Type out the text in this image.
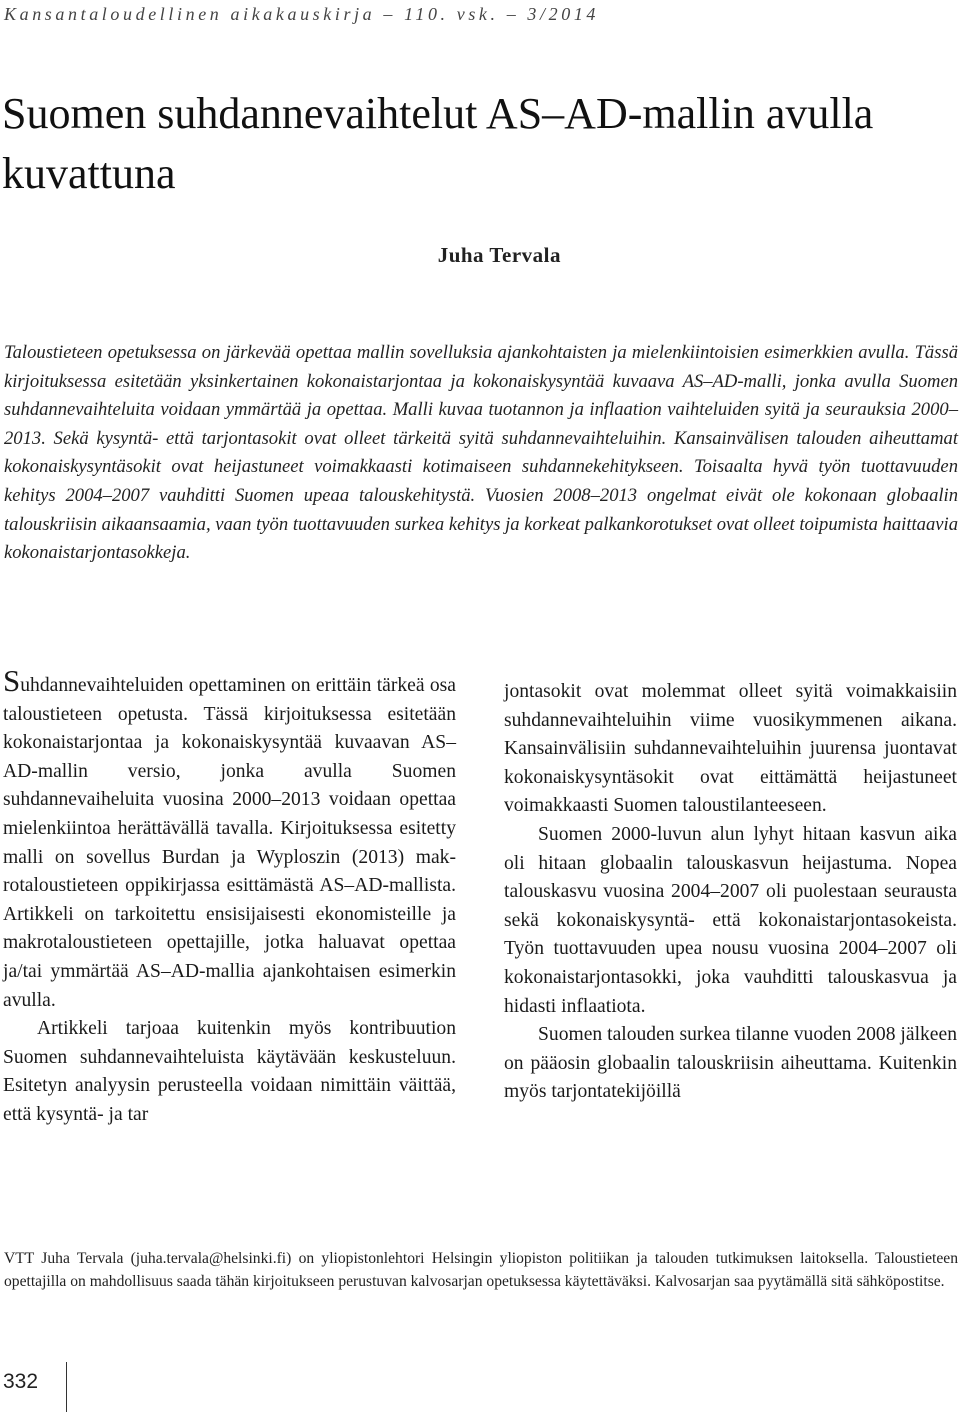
Kansantaloudellinen aikakauskirja – 110. vsk. – 3/2014
Suomen suhdannevaihtelut AS–AD-mallin avulla kuvattuna
Juha Tervala

Taloustieteen opetuksessa on järkevää opettaa mallin sovelluksia ajankohtaisten ja mielenkiintoisien esimerkkien avulla. Tässä kirjoituksessa esitetään yksinkertainen kokonaistarjontaa ja kokonaiskysyntää kuvaava AS–AD-malli, jonka avulla Suomen suhdannevaihteluita voidaan ymmärtää ja opettaa. Malli kuvaa tuotannon ja inflaation vaihteluiden syitä ja seurauksia 2000–2013. Sekä kysyntä- että tarjontasokit ovat olleet tärkeitä syitä suhdannevaihteluihin. Kansainvälisen talouden aiheuttamat kokonaiskysyntäsokit ovat heijastuneet voimakkaasti kotimaiseen suhdannekehitykseen. Toisaalta hyvä työn tuottavuuden kehitys 2004–2007 vauhditti Suomen upeaa talouskehitystä. Vuosien 2008–2013 ongelmat eivät ole kokonaan globaalin talouskriisin aikaansaamia, vaan työn tuottavuuden surkea kehitys ja korkeat palkankorotukset ovat olleet toipumista haittaavia kokonaistarjontasokkeja.

Suhdannevaihteluiden opettaminen on erittäin tärkeä osa taloustieteen opetusta. Tässä kirjoituksessa esitetään kokonaistarjontaa ja kokonaiskysyntää kuvaavan AS–AD-mallin versio, jonka avulla Suomen suhdannevaiheluita vuosina 2000–2013 voidaan opettaa mielenkiintoa herättävällä tavalla. Kirjoituksessa esitetty malli on sovellus Burdan ja Wyploszin (2013) makrotaloustieteen oppikirjassa esittämästä AS–AD-mallista. Artikkeli on tarkoitettu ensisijaisesti ekonomisteille ja makrotaloustieteen opettajille, jotka haluavat opettaa ja/tai ymmärtää AS–AD-mallia ajankohtaisen esimerkin avulla.

Artikkeli tarjoaa kuitenkin myös kontribuution Suomen suhdannevaihteluista käytävään keskusteluun. Esitetyn analyysin perusteella voidaan nimittäin väittää, että kysyntä- ja tar

jontasokit ovat molemmat olleet syitä voimakkaisiin suhdannevaihteluihin viime vuosikymmenen aikana. Kansainvälisiin suhdannevaihteluihin juurensa juontavat kokonaiskysyntäsokit ovat eittämättä heijastuneet voimakkaasti Suomen taloustilanteeseen.

Suomen 2000-luvun alun lyhyt hitaan kasvun aika oli hitaan globaalin talouskasvun heijastuma. Nopea talouskasvu vuosina 2004–2007 oli puolestaan seurausta sekä kokonaiskysyntä- että kokonaistarjontasokeista. Työn tuottavuuden upea nousu vuosina 2004–2007 oli kokonaistarjontasokki, joka vauhditti talouskasvua ja hidasti inflaatiota.

Suomen talouden surkea tilanne vuoden 2008 jälkeen on pääosin globaalin talouskriisin aiheuttama. Kuitenkin myös tarjontatekijöillä

VTT Juha Tervala (juha.tervala@helsinki.fi) on yliopistonlehtori Helsingin yliopiston politiikan ja talouden tutkimuksen laitoksella. Taloustieteen opettajilla on mahdollisuus saada tähän kirjoitukseen perustuvan kalvosarjan opetuksessa käytettäväksi. Kalvosarjan saa pyytämällä sitä sähköpostitse.

332
